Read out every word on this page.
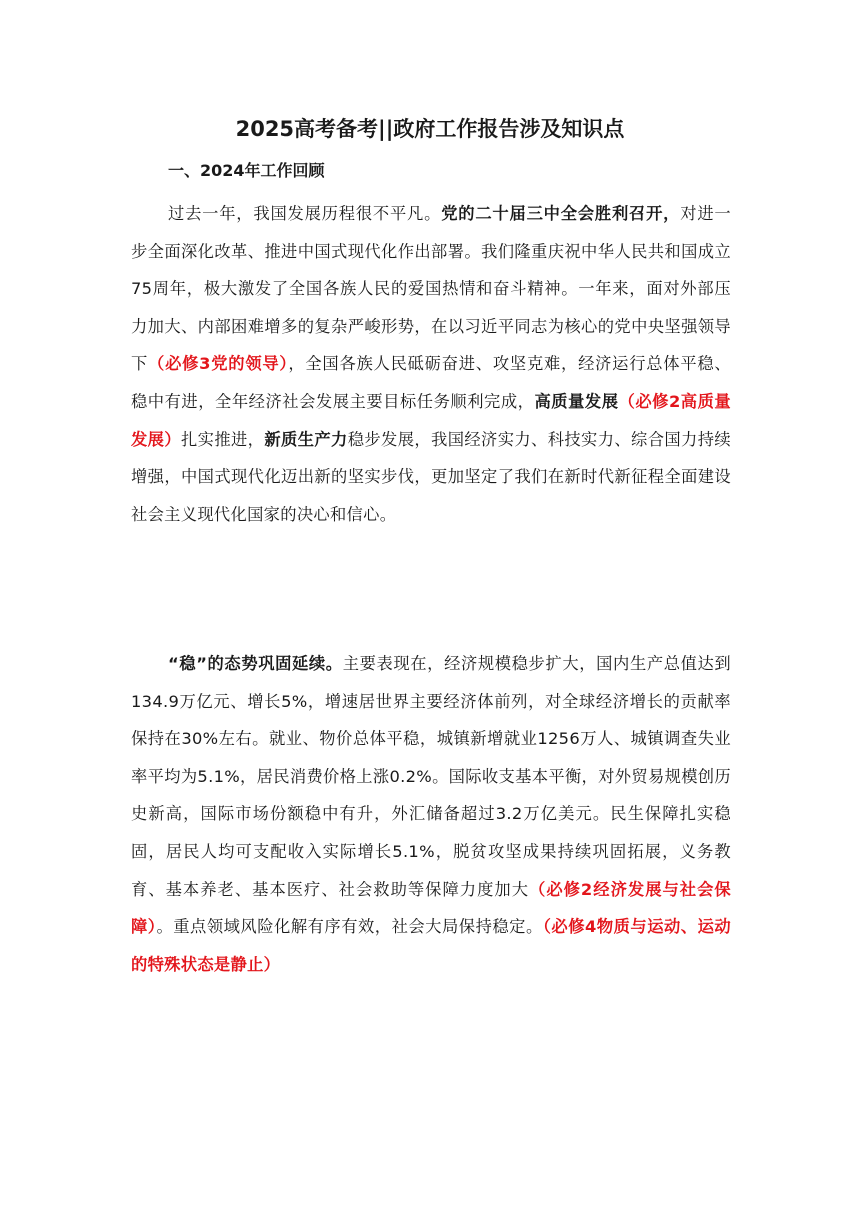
2025高考备考||政府工作报告涉及知识点
一、2024年工作回顾

过去一年，我国发展历程很不平凡。党的二十届三中全会胜利召开，对进一步全面深化改革、推进中国式现代化作出部署。我们隆重庆祝中华人民共和国成立75周年，极大激发了全国各族人民的爱国热情和奋斗精神。一年来，面对外部压力加大、内部困难增多的复杂严峻形势，在以习近平同志为核心的党中央坚强领导下（必修3党的领导），全国各族人民砥砺奋进、攻坚克难，经济运行总体平稳、稳中有进，全年经济社会发展主要目标任务顺利完成，高质量发展（必修2高质量发展）扎实推进，新质生产力稳步发展，我国经济实力、科技实力、综合国力持续增强，中国式现代化迈出新的坚实步伐，更加坚定了我们在新时代新征程全面建设社会主义现代化国家的决心和信心。

“稳”的态势巩固延续。主要表现在，经济规模稳步扩大，国内生产总值达到134.9万亿元、增长5%，增速居世界主要经济体前列，对全球经济增长的贡献率保持在30%左右。就业、物价总体平稳，城镇新增就业1256万人、城镇调查失业率平均为5.1%，居民消费价格上涨0.2%。国际收支基本平衡，对外贸易规模创历史新高，国际市场份额稳中有升，外汇储备超过3.2万亿美元。民生保障扎实稳固，居民人均可支配收入实际增长5.1%，脱贫攻坚成果持续巩固拓展，义务教育、基本养老、基本医疗、社会救助等保障力度加大（必修2经济发展与社会保障）。重点领域风险化解有序有效，社会大局保持稳定。（必修4物质与运动、运动的特殊状态是静止）
